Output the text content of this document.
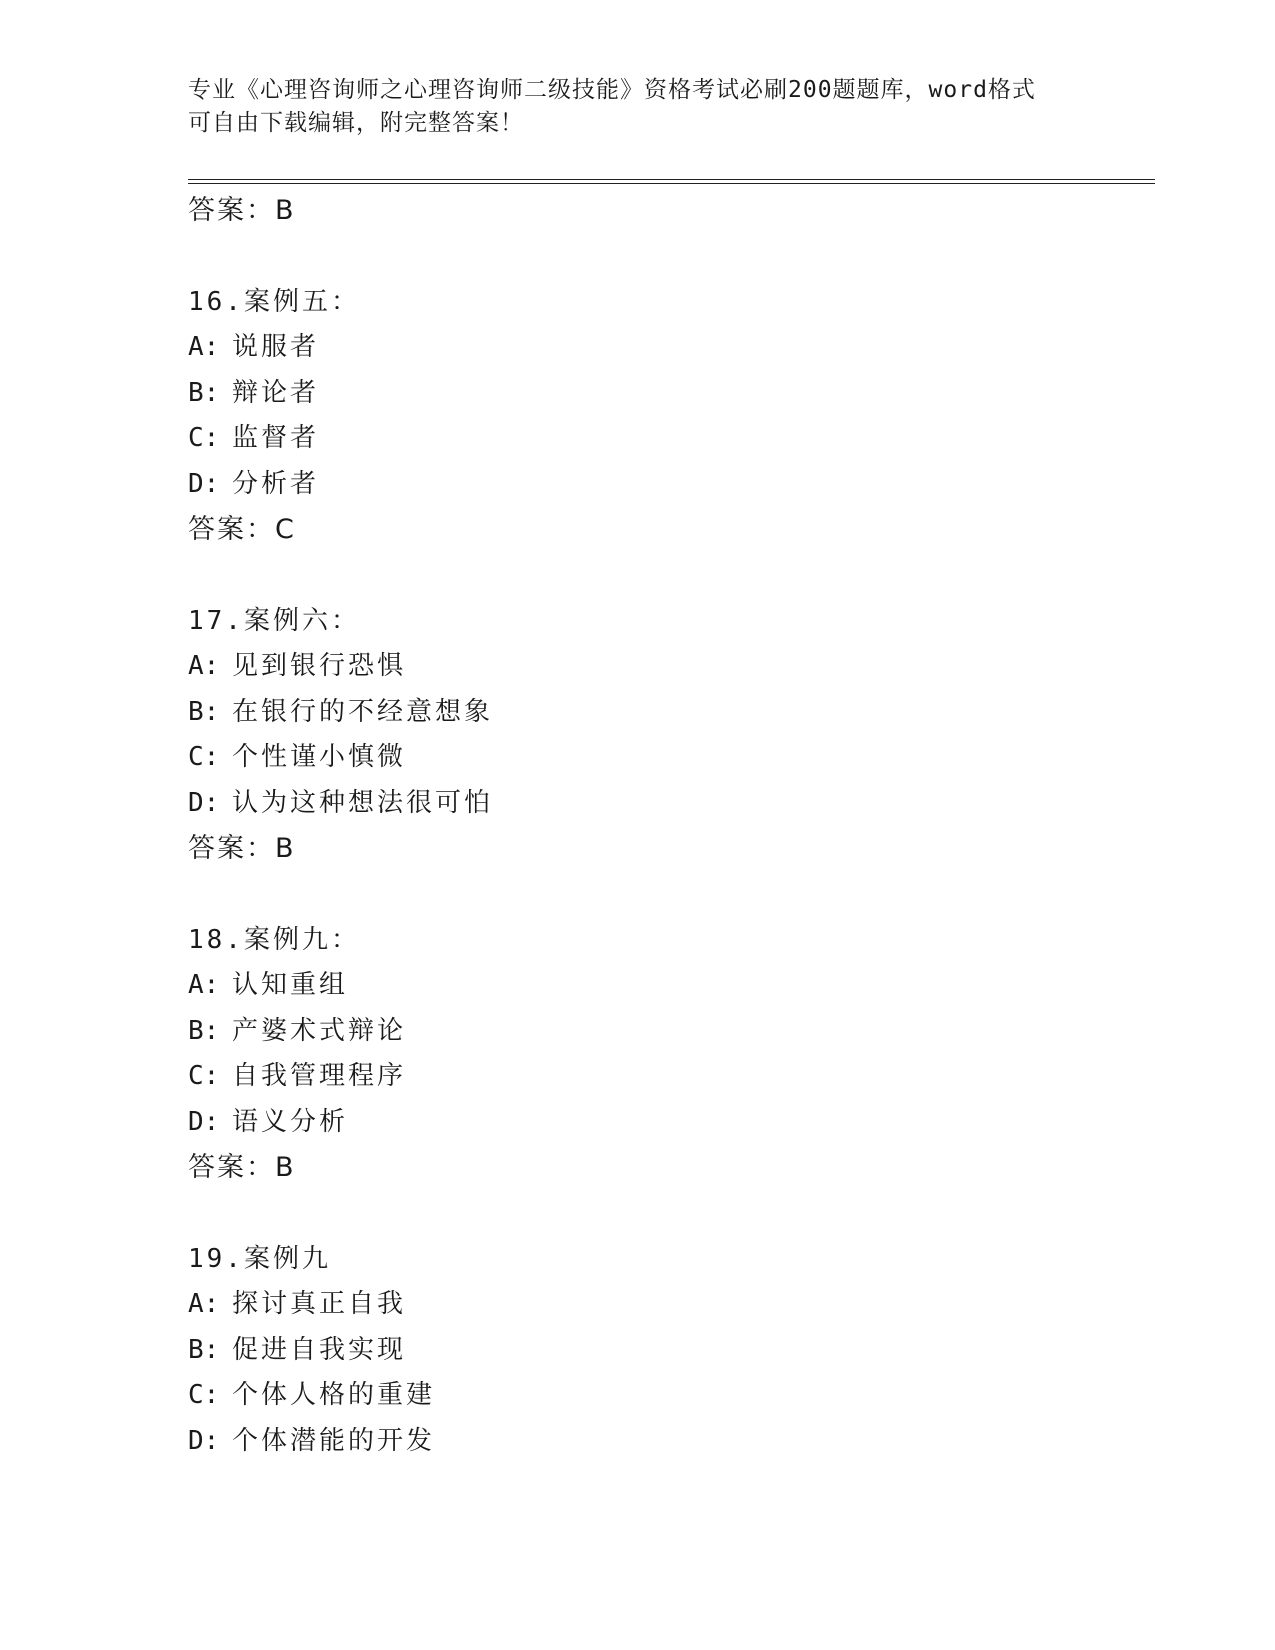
专业《心理咨询师之心理咨询师二级技能》资格考试必刷200题题库，word格式
可自由下载编辑，附完整答案！
答案：B
16.案例五：
A: 说服者
B: 辩论者
C: 监督者
D: 分析者
答案：C
17.案例六：
A: 见到银行恐惧
B: 在银行的不经意想象
C: 个性谨小慎微
D: 认为这种想法很可怕
答案：B
18.案例九：
A: 认知重组
B: 产婆术式辩论
C: 自我管理程序
D: 语义分析
答案：B
19.案例九
A: 探讨真正自我
B: 促进自我实现
C: 个体人格的重建
D: 个体潜能的开发
